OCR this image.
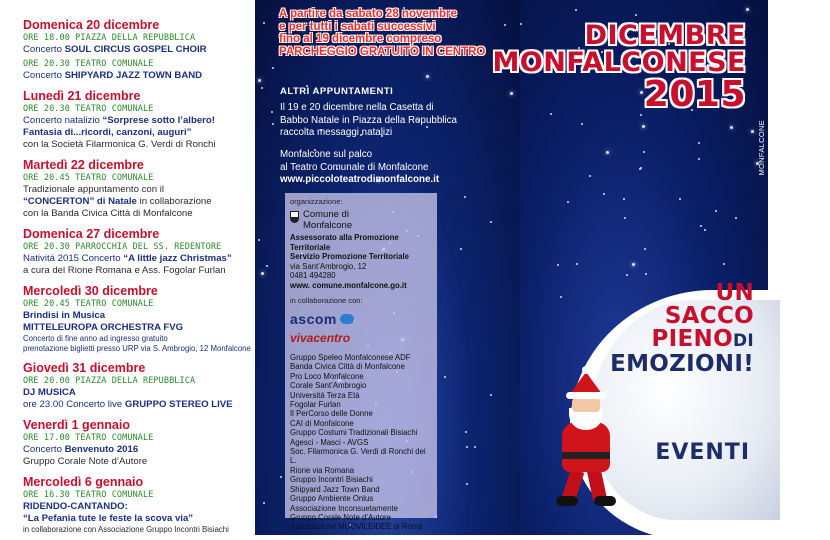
Domenica 20 dicembre
ORE 18.00 PIAZZA DELLA REPUBBLICA
Concerto SOUL CIRCUS GOSPEL CHOIR
ORE 20.30 TEATRO COMUNALE
Concerto SHIPYARD JAZZ TOWN BAND
Lunedì 21 dicembre
ORE 20.30 TEATRO COMUNALE
Concerto natalizio “Sorprese sotto l’albero!
Fantasia di...ricordi, canzoni, auguri”
con la Società Filarmonica G. Verdi di Ronchi
Martedì 22 dicembre
ORE 20.45 TEATRO COMUNALE
Tradizionale appuntamento con il
“CONCERTON” di Natale in collaborazione
con la Banda Civica Città di Monfalcone
Domenica 27 dicembre
ORE 20.30 PARROCCHIA DEL SS. REDENTORE
Natività 2015 Concerto “A little jazz Christmas”
a cura del Rione Romana e Ass. Fogolar Furlan
Mercoledì 30 dicembre
ORE 20.45 TEATRO COMUNALE
Brindisi in Musica
MITTELEUROPA ORCHESTRA FVG
Concerto di fine anno ad ingresso gratuito
prenotazione biglietti presso URP via S. Ambrogio, 12 Monfalcone
Giovedì 31 dicembre
ORE 20.00 PIAZZA DELLA REPUBBLICA
DJ MUSICA
ore 23.00 Concerto live GRUPPO STEREO LIVE
Venerdì 1 gennaio
ORE 17.00 TEATRO COMUNALE
Concerto Benvenuto 2016
Gruppo Corale Note d’Autore
Mercoledì 6 gennaio
ORE 16.30 TEATRO COMUNALE
RIDENDO-CANTANDO:
“La Pefania tute le feste la scova via”
in collaborazione con Associazione Gruppo Incontri Bisiachi
A partire da sabato 28 novembre
e per tutti i sabati successivi
fino al 19 dicembre compreso
PARCHEGGIO GRATUITO IN CENTRO
ALTRI APPUNTAMENTI
Il 19 e 20 dicembre nella Casetta di
Babbo Natale in Piazza della Repubblica
raccolta messaggi natalizi
Monfalcone sul palco
al Teatro Comunale di Monfalcone
www.piccoloteatrodimonfalcone.it
organizzazione:
Comune di
Monfalcone
Assessorato alla Promozione Territoriale
Servizio Promozione Territoriale
via Sant’Ambrogio, 12
0481 494280
www. comune.monfalcone.go.it
in collaborazione con:
ascom
vivacentro
Gruppo Speleo Monfalconese ADF
Banda Civica Città di Monfalcone
Pro Loco Monfalcone
Corale Sant’Ambrogio
Università Terza Età
Fogolar Furlan
Il PerCorso delle Donne
CAI di Monfalcone
Gruppo Costumi Tradizionali Bisiachi
Agesci - Masci - AVGS
Soc. Filarmonica G. Verdi di Ronchi dei L.
Rione via Romana
Gruppo Incontri Bisiachi
Shipyard Jazz Town Band
Gruppo Ambiente Onlus
Associazione Inconsuetamente
Gruppo Corale Note d’Autore
Associazione MUOVILEIDEE di Roma
DICEMBRE
MONFALCONESE
2015
MONFALCONE
UN
SACCO
PIENODI
EMOZIONI!
EVENTI
